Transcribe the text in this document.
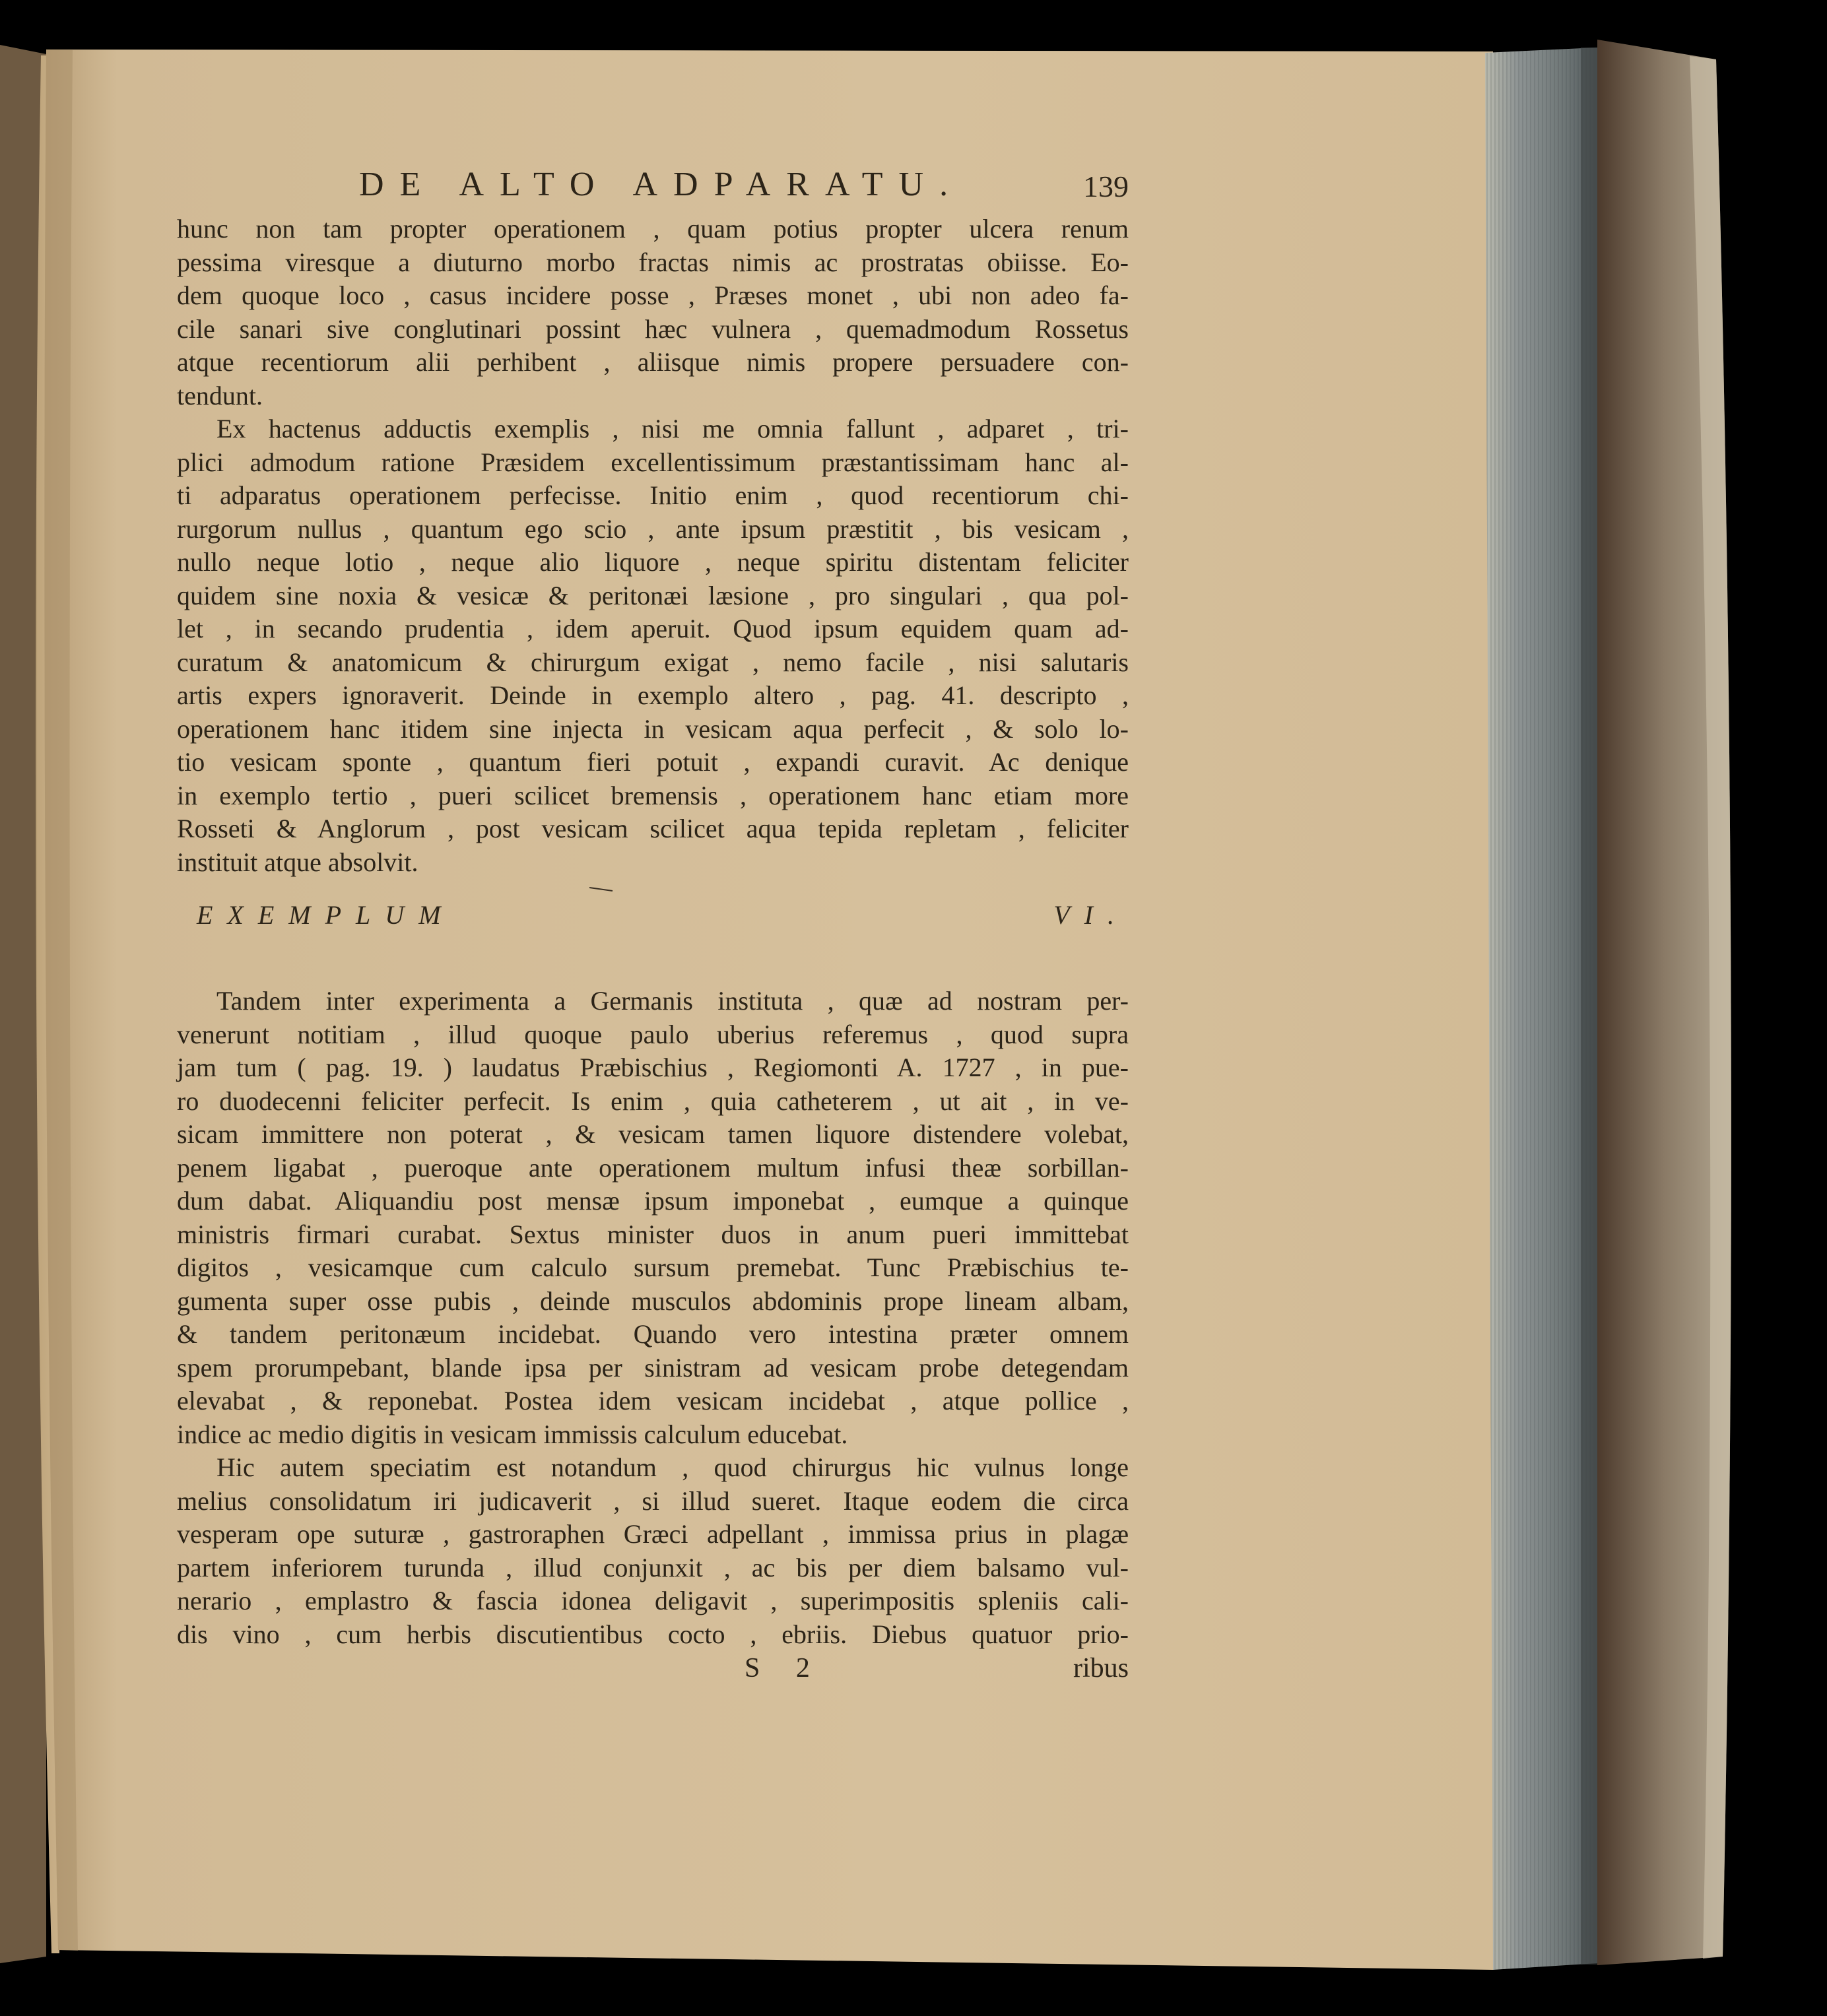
DE ALTO ADPARATU.	139

hunc non tam propter operationem , quam potius propter ulcera renum

pessima viresque a diuturno morbo fractas nimis ac prostratas obiisse. Eo-

dem quoque loco , casus incidere posse , Præses monet , ubi non adeo fa-

cile sanari sive conglutinari possint hæc vulnera , quemadmodum Rossetus

atque recentiorum alii perhibent , aliisque nimis propere persuadere con-

tendunt.

Ex hactenus adductis exemplis , nisi me omnia fallunt , adparet , tri-

plici admodum ratione Præsidem excellentissimum præstantissimam hanc al-

ti adparatus operationem perfecisse. Initio enim , quod recentiorum chi-

rurgorum nullus , quantum ego scio , ante ipsum præstitit , bis vesicam ,

nullo neque lotio , neque alio liquore , neque spiritu distentam feliciter

quidem sine noxia & vesicæ & peritonæi læsione , pro singulari , qua pol-

let , in secando prudentia , idem aperuit. Quod ipsum equidem quam ad-

curatum & anatomicum & chirurgum exigat , nemo facile , nisi salutaris

artis expers ignoraverit. Deinde in exemplo altero , pag. 41. descripto ,

operationem hanc itidem sine injecta in vesicam aqua perfecit , & solo lo-

tio vesicam sponte , quantum fieri potuit , expandi curavit. Ac denique

in exemplo tertio , pueri scilicet bremensis , operationem hanc etiam more

Rosseti & Anglorum , post vesicam scilicet aqua tepida repletam , feliciter

instituit atque absolvit.

EXEMPLUM VI.

Tandem inter experimenta a Germanis instituta , quæ ad nostram per-

venerunt notitiam , illud quoque paulo uberius referemus , quod supra

jam tum ( pag. 19. ) laudatus Præbischius , Regiomonti A. 1727 , in pue-

ro duodecenni feliciter perfecit. Is enim , quia catheterem , ut ait , in ve-

sicam immittere non poterat , & vesicam tamen liquore distendere volebat,

penem ligabat , pueroque ante operationem multum infusi theæ sorbillan-

dum dabat. Aliquandiu post mensæ ipsum imponebat , eumque a quinque

ministris firmari curabat. Sextus minister duos in anum pueri immittebat

digitos , vesicamque cum calculo sursum premebat. Tunc Præbischius te-

gumenta super osse pubis , deinde musculos abdominis prope lineam albam,

& tandem peritonæum incidebat. Quando vero intestina præter omnem

spem prorumpebant, blande ipsa per sinistram ad vesicam probe detegendam

elevabat , & reponebat. Postea idem vesicam incidebat , atque pollice ,

indice ac medio digitis in vesicam immissis calculum educebat.

Hic autem speciatim est notandum , quod chirurgus hic vulnus longe

melius consolidatum iri judicaverit , si illud sueret. Itaque eodem die circa

vesperam ope suturæ , gastroraphen Græci adpellant , immissa prius in plagæ

partem inferiorem turunda , illud conjunxit , ac bis per diem balsamo vul-

nerario , emplastro & fascia idonea deligavit , superimpositis spleniis cali-

dis vino , cum herbis discutientibus cocto , ebriis. Diebus quatuor prio-

S 2	ribus
